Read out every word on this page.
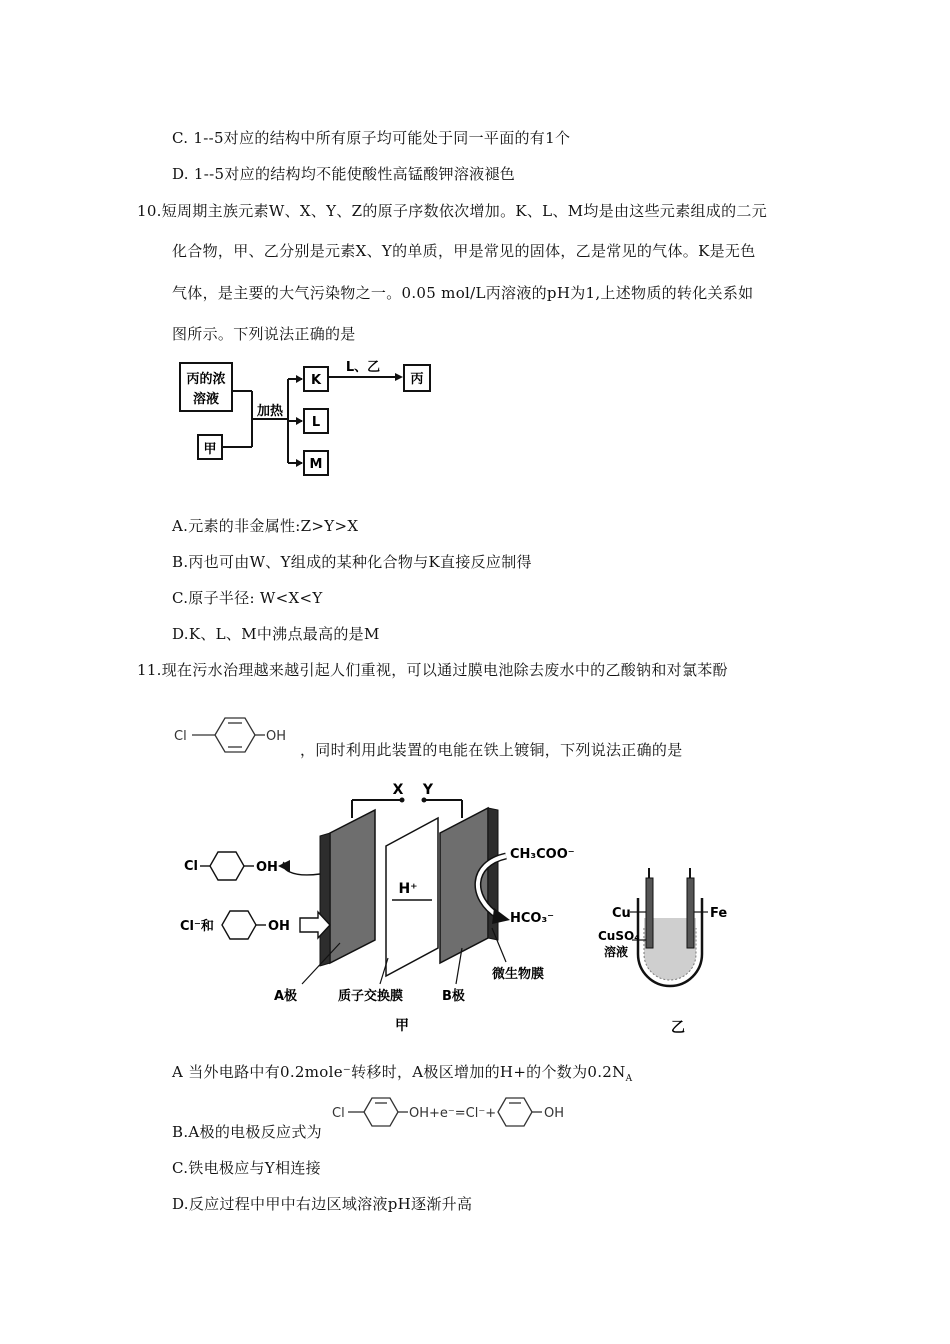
C. 1--5对应的结构中所有原子均可能处于同一平面的有1个
D. 1--5对应的结构均不能使酸性高锰酸钾溶液褪色
10.短周期主族元素W、X、Y、Z的原子序数依次增加。K、L、M均是由这些元素组成的二元
化合物，甲、乙分别是元素X、Y的单质，甲是常见的固体，乙是常见的气体。K是无色
气体，是主要的大气污染物之一。0.05 mol/L丙溶液的pH为1,上述物质的转化关系如
图所示。下列说法正确的是
丙的浓
溶液
甲
加热
K
L
M
L、乙
丙
A.元素的非金属性:Z>Y>X
B.丙也可由W、Y组成的某种化合物与K直接反应制得
C.原子半径: W<X<Y
D.K、L、M中沸点最高的是M
11.现在污水治理越来越引起人们重视，可以通过膜电池除去废水中的乙酸钠和对氯苯酚
Cl	OH
，同时利用此装置的电能在铁上镀铜，下列说法正确的是
X Y
Cl	OH
Cl⁻和	OH
H⁺
CH₃COO⁻
HCO₃⁻
A极	质子交换膜	B极
微生物膜
甲
Cu	Fe
CuSO₄
溶液
乙
A 当外电路中有0.2mole⁻转移时，A极区增加的H+的个数为$0.2N_A$
Cl	OH+e⁻=Cl⁻+	OH
B.A极的电极反应式为
C.铁电极应与Y相连接
D.反应过程中甲中右边区域溶液pH逐渐升高
